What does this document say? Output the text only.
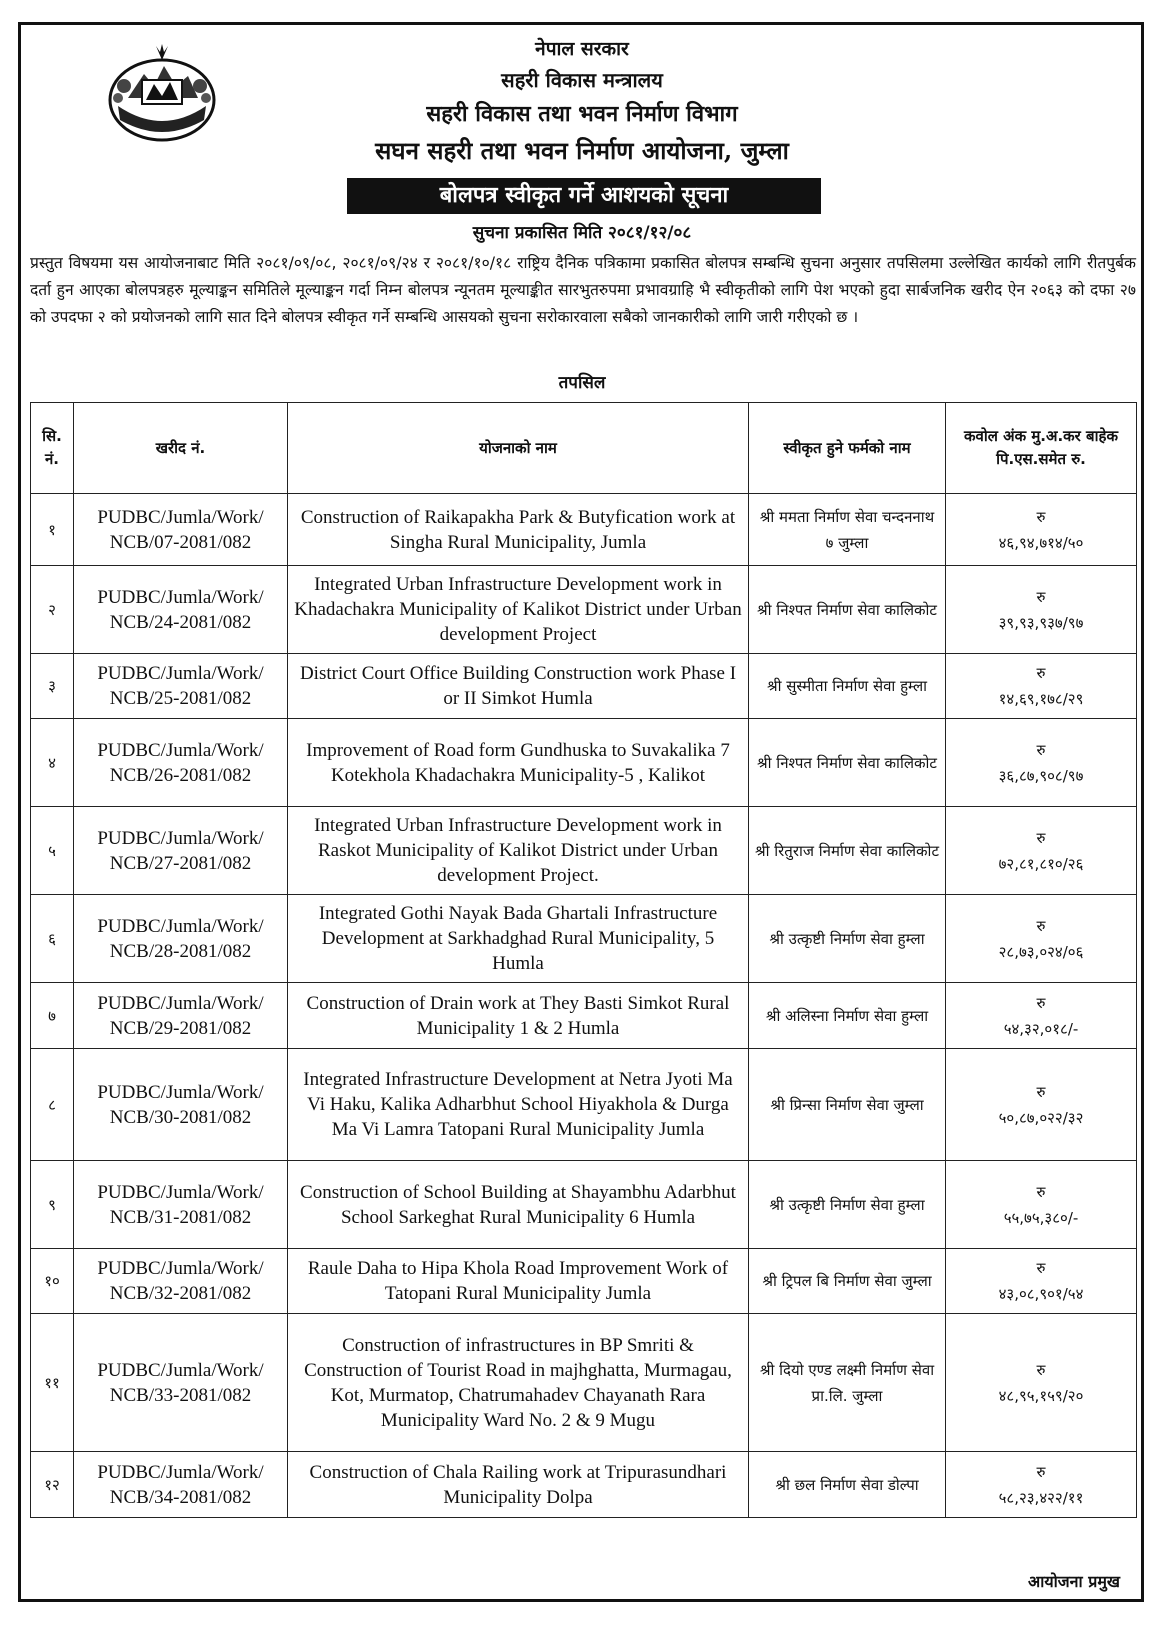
नेपाल सरकार
सहरी विकास मन्त्रालय
सहरी विकास तथा भवन निर्माण विभाग
सघन सहरी तथा भवन निर्माण आयोजना, जुम्ला
बोलपत्र स्वीकृत गर्ने आशयको सूचना
सुचना प्रकासित मिति २०८१/१२/०८
प्रस्तुत विषयमा यस आयोजनाबाट मिति २०८१/०९/०८, २०८१/०९/२४ र २०८१/१०/१८ राष्ट्रिय दैनिक पत्रिकामा प्रकासित बोलपत्र सम्बन्धि सुचना अनुसार तपसिलमा उल्लेखित कार्यको लागि रीतपुर्बक दर्ता हुन आएका बोलपत्रहरु मूल्याङ्कन समितिले मूल्याङ्कन गर्दा निम्न बोलपत्र न्यूनतम मूल्याङ्कीत सारभुतरुपमा प्रभावग्राहि भै स्वीकृतीको लागि पेश भएको हुदा सार्बजनिक खरीद ऐन २०६३ को दफा २७ को उपदफा २ को प्रयोजनको लागि सात दिने बोलपत्र स्वीकृत गर्ने सम्बन्धि आसयको सुचना सरोकारवाला सबैको जानकारीको लागि जारी गरीएको छ ।
तपसिल
सि. नं.	खरीद नं.	योजनाको नाम	स्वीकृत हुने फर्मको नाम	कवोल अंक मु.अ.कर बाहेक पि.एस.समेत रु.
१	PUDBC/Jumla/Work/ NCB/07-2081/082	Construction of Raikapakha Park & Butyfication work at Singha Rural Municipality, Jumla	श्री ममता निर्माण सेवा चन्दननाथ ७ जुम्ला	रु
४६,९४,७१४/५०

२	PUDBC/Jumla/Work/ NCB/24-2081/082	Integrated Urban Infrastructure Development work in Khadachakra Municipality of Kalikot District under Urban development Project	श्री निश्पत निर्माण सेवा कालिकोट	रु
३९,९३,९३७/९७

३	PUDBC/Jumla/Work/ NCB/25-2081/082	District Court Office Building Construction work Phase I or II Simkot Humla	श्री सुस्मीता निर्माण सेवा हुम्ला	रु
१४,६९,१७८/२९

४	PUDBC/Jumla/Work/ NCB/26-2081/082	Improvement of Road form Gundhuska to Suvakalika 7 Kotekhola Khadachakra Municipality-5 , Kalikot	श्री निश्पत निर्माण सेवा कालिकोट	रु
३६,८७,९०८/९७

५	PUDBC/Jumla/Work/ NCB/27-2081/082	Integrated Urban Infrastructure Development work in Raskot Municipality of Kalikot District under Urban development Project.	श्री रितुराज निर्माण सेवा कालिकोट	रु
७२,८१,८१०/२६

६	PUDBC/Jumla/Work/ NCB/28-2081/082	Integrated Gothi Nayak Bada Ghartali Infrastructure Development at Sarkhadghad Rural Municipality, 5 Humla	श्री उत्कृष्टी निर्माण सेवा हुम्ला	रु
२८,७३,०२४/०६

७	PUDBC/Jumla/Work/ NCB/29-2081/082	Construction of Drain work at They Basti Simkot Rural Municipality 1 & 2 Humla	श्री अलिस्ना निर्माण सेवा हुम्ला	रु
५४,३२,०१८/-

८	PUDBC/Jumla/Work/ NCB/30-2081/082	Integrated Infrastructure Development at Netra Jyoti Ma Vi Haku, Kalika Adharbhut School Hiyakhola & Durga Ma Vi Lamra Tatopani Rural Municipality Jumla	श्री प्रिन्सा निर्माण सेवा जुम्ला	रु
५०,८७,०२२/३२

९	PUDBC/Jumla/Work/ NCB/31-2081/082	Construction of School Building at Shayambhu Adarbhut School Sarkeghat Rural Municipality 6 Humla	श्री उत्कृष्टी निर्माण सेवा हुम्ला	रु
५५,७५,३८०/-

१०	PUDBC/Jumla/Work/ NCB/32-2081/082	Raule Daha to Hipa Khola Road Improvement Work of Tatopani Rural Municipality Jumla	श्री ट्रिपल बि निर्माण सेवा जुम्ला	रु
४३,०८,९०१/५४

११	PUDBC/Jumla/Work/ NCB/33-2081/082	Construction of infrastructures in BP Smriti & Construction of Tourist Road in majhghatta, Murmagau, Kot, Murmatop, Chatrumahadev Chayanath Rara Municipality Ward No. 2 & 9 Mugu	श्री दियो एण्ड लक्ष्मी निर्माण सेवा प्रा.लि. जुम्ला	रु
४८,९५,१५९/२०

१२	PUDBC/Jumla/Work/ NCB/34-2081/082	Construction of Chala Railing work at Tripurasundhari Municipality Dolpa	श्री छल निर्माण सेवा डोल्पा	रु
५८,२३,४२२/११
आयोजना प्रमुख
